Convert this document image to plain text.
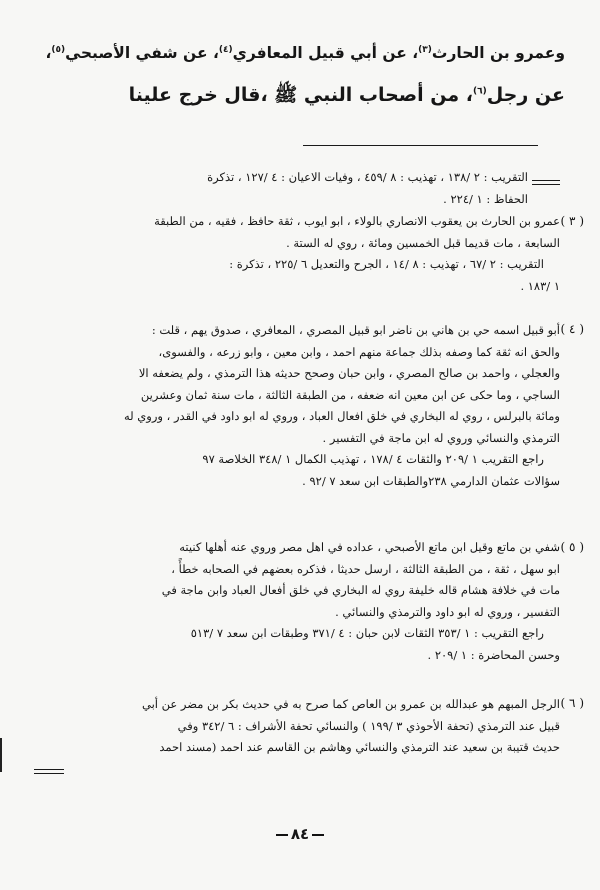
وعمرو بن الحارث$^{(٣)}$، عن أبي قبيل المعافري$^{(٤)}$، عن شفي الأصبحي$^{(٥)}$،
عن رجل$^{(٦)}$، من أصحاب النبي ﷺ ،قال خرج علينا
التقريب : ٢ /١٣٨ ، تهذيب : ٨ /٤٥٩ ، وفيات الاعيان : ٤ /١٢٧ ، تذكرة
الحفاظ : ١ /٢٢٤ .
( ٣ )
عمرو بن الحارث بن يعقوب الانصاري بالولاء ، ابو ايوب ، ثقة حافظ ، فقيه ، من الطبقة
السابعة ، مات قديما قبل الخمسين ومائة ، روي له الستة .
التقريب : ٢ /٦٧ ، تهذيب : ٨ /١٤ ، الجرح والتعديل ٦ /٢٢٥ ، تذكرة :
١ /١٨٣ .
( ٤ )
أبو قبيل اسمه حي بن هاني بن ناضر ابو قبيل المصري ، المعافري ، صدوق يهم ، قلت :
والحق انه ثقة كما وصفه بذلك جماعة منهم احمد ، وابن معين ، وابو زرعه ، والفسوى،
والعجلي ، واحمد بن صالح المصري ، وابن حبان وصحح حديثه هذا الترمذي ، ولم يضعفه الا
الساجي ، وما حكى عن ابن معين انه ضعفه ، من الطبقة الثالثة ، مات سنة ثمان وعشرين
ومائة بالبرلس ، روي له البخاري في خلق افعال العباد ، وروي له ابو داود في القدر ، وروي له
الترمذي والنسائي وروي له ابن ماجة في التفسير .
راجع التقريب ١ /٢٠٩ والثقات ٤ /١٧٨ ، تهذيب الكمال ١ /٣٤٨ الخلاصة ٩٧
سؤالات عثمان الدارمي ٢٣٨والطبقات ابن سعد ٧ /٩٢ .
( ٥ )
شفي بن ماتع وقيل ابن ماتع الأصبحي ، عداده في اهل مصر وروي عنه أهلها كنيته
ابو سهل ، ثقة ، من الطبقة الثالثة ، ارسل حديثا ، فذكره بعضهم في الصحابه خطأً ،
مات في خلافة هشام قاله خليفة روي له البخاري في خلق أفعال العباد وابن ماجة في
التفسير ، وروي له ابو داود والترمذي والنسائي .
راجع التقريب : ١ /٣٥٣ الثقات لابن حبان : ٤ /٣٧١ وطبقات ابن سعد ٧ /٥١٣
وحسن المحاضرة : ١ /٢٠٩ .
( ٦ )
الرجل المبهم هو عبدالله بن عمرو بن العاص كما صرح به في حديث بكر بن مضر عن أبي
قبيل عند الترمذي (تحفة الأحوذي ٣ /١٩٩ ) والنسائي تحفة الأشراف : ٦ /٣٤٢ وفي
حديث قتيبة بن سعيد عند الترمذي والنسائي وهاشم بن القاسم عند احمد (مسند احمد
٨٤
